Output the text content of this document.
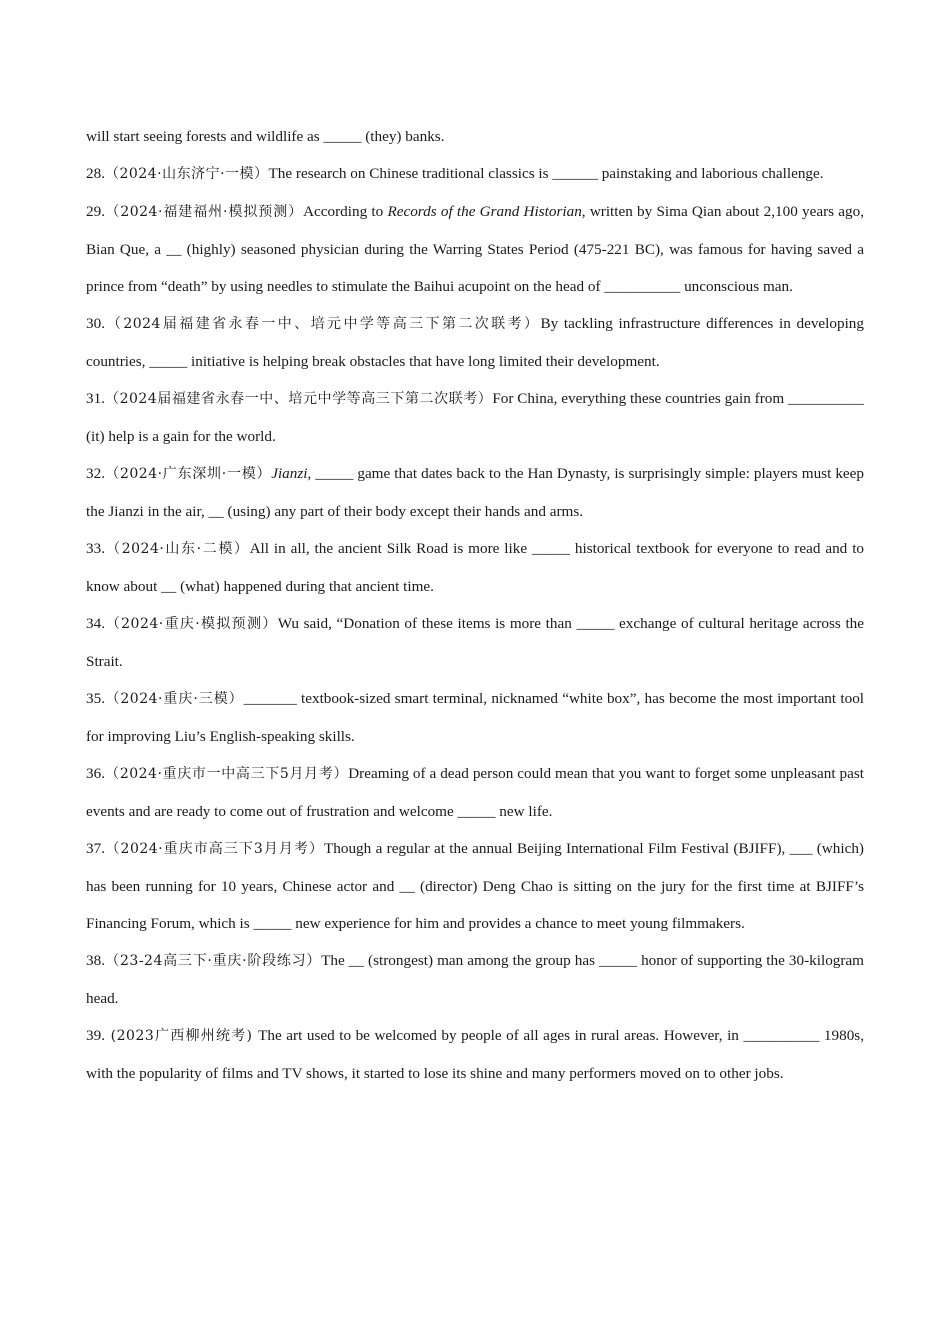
will start seeing forests and wildlife as _____ (they) banks.

28.（2024·山东济宁·一模）The research on Chinese traditional classics is ______ painstaking and laborious challenge.

29.（2024·福建福州·模拟预测）According to Records of the Grand Historian, written by Sima Qian about 2,100 years ago, Bian Que, a __ (highly) seasoned physician during the Warring States Period (475-221 BC), was famous for having saved a prince from “death” by using needles to stimulate the Baihui acupoint on the head of __________ unconscious man.

30.（2024届福建省永春一中、培元中学等高三下第二次联考）By tackling infrastructure differences in developing countries, _____ initiative is helping break obstacles that have long limited their development.

31.（2024届福建省永春一中、培元中学等高三下第二次联考）For China, everything these countries gain from __________ (it) help is a gain for the world.

32.（2024·广东深圳·一模）Jianzi, _____ game that dates back to the Han Dynasty, is surprisingly simple: players must keep the Jianzi in the air, __ (using) any part of their body except their hands and arms.

33.（2024·山东·二模）All in all, the ancient Silk Road is more like _____ historical textbook for everyone to read and to know about __ (what) happened during that ancient time.

34.（2024·重庆·模拟预测）Wu said, “Donation of these items is more than _____ exchange of cultural heritage across the Strait.

35.（2024·重庆·三模）_______ textbook-sized smart terminal, nicknamed “white box”, has become the most important tool for improving Liu’s English-speaking skills.

36.（2024·重庆市一中高三下5月月考）Dreaming of a dead person could mean that you want to forget some unpleasant past events and are ready to come out of frustration and welcome _____ new life.

37.（2024·重庆市高三下3月月考）Though a regular at the annual Beijing International Film Festival (BJIFF), ___ (which) has been running for 10 years, Chinese actor and __ (director) Deng Chao is sitting on the jury for the first time at BJIFF’s Financing Forum, which is _____ new experience for him and provides a chance to meet young filmmakers.

38.（23-24高三下·重庆·阶段练习）The __ (strongest) man among the group has _____ honor of supporting the 30-kilogram head.

39. (2023广西柳州统考) The art used to be welcomed by people of all ages in rural areas. However, in __________ 1980s, with the popularity of films and TV shows, it started to lose its shine and many performers moved on to other jobs.
